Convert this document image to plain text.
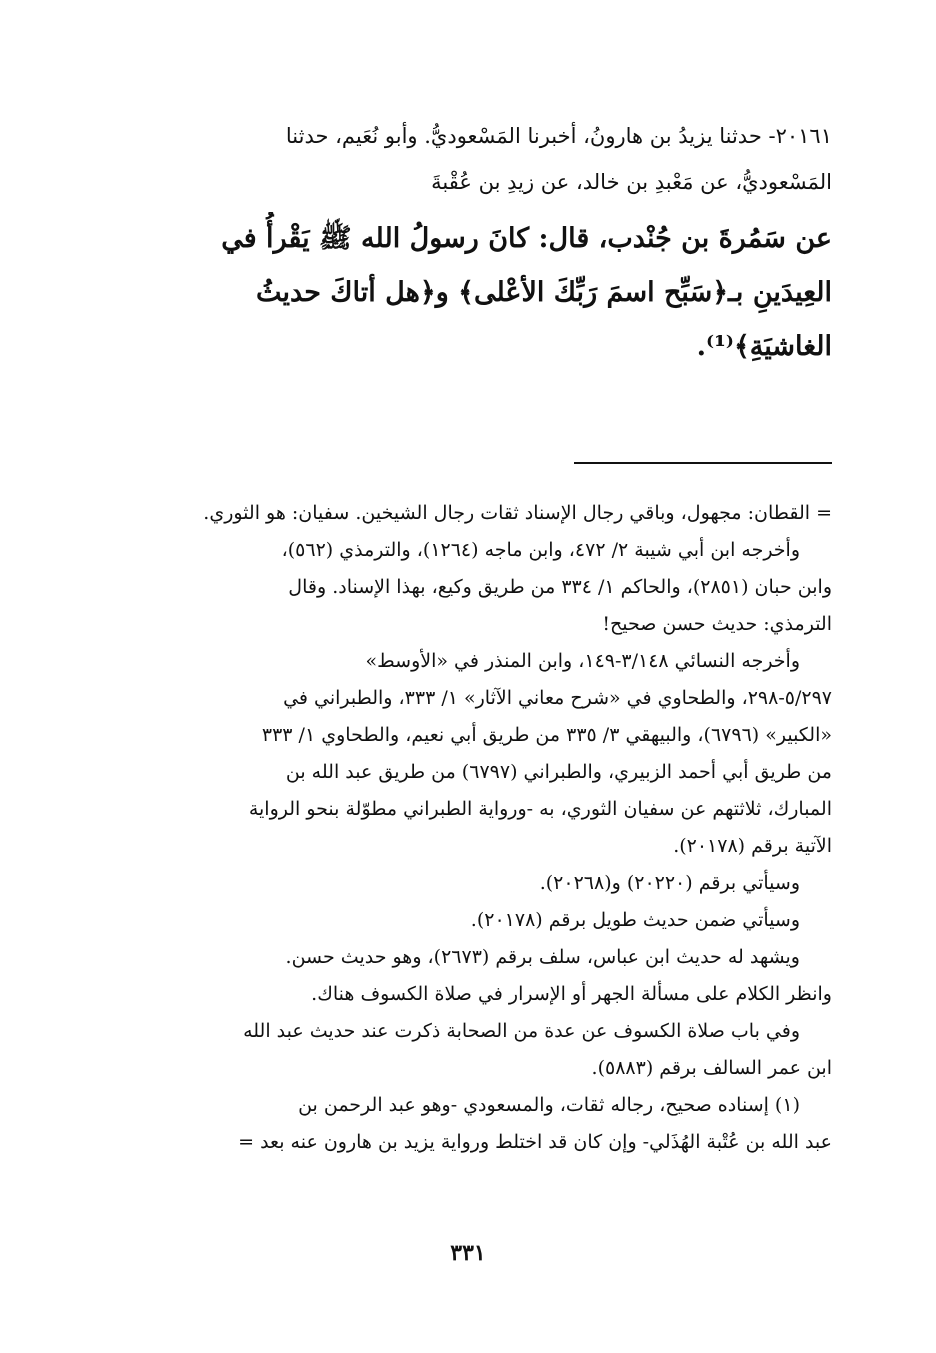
٢٠١٦١- حدثنا يزيدُ بن هارونُ، أخبرنا المَسْعوديُّ. وأبو نُعَيم، حدثنا
المَسْعوديُّ، عن مَعْبدِ بن خالد، عن زيدِ بن عُقْبةَ
عن سَمُرةَ بن جُنْدب، قال: كانَ رسولُ الله ﷺ يَقْرأُ في
العِيدَينِ بـ﴿سَبِّح اسمَ رَبِّكَ الأعْلى﴾ و﴿هل أتاكَ حديثُ
الغاشيَةِ﴾⁽¹⁾.
= القطان: مجهول، وباقي رجال الإسناد ثقات رجال الشيخين. سفيان: هو الثوري.
وأخرجه ابن أبي شيبة ٢/ ٤٧٢، وابن ماجه (١٢٦٤)، والترمذي (٥٦٢)،
وابن حبان (٢٨٥١)، والحاكم ١/ ٣٣٤ من طريق وكيع، بهذا الإسناد. وقال
الترمذي: حديث حسن صحيح!
وأخرجه النسائي ٣/١٤٨-١٤٩، وابن المنذر في «الأوسط»
٥/٢٩٧-٢٩٨، والطحاوي في «شرح معاني الآثار» ١/ ٣٣٣، والطبراني في
«الكبير» (٦٧٩٦)، والبيهقي ٣/ ٣٣٥ من طريق أبي نعيم، والطحاوي ١/ ٣٣٣
من طريق أبي أحمد الزبيري، والطبراني (٦٧٩٧) من طريق عبد الله بن
المبارك، ثلاثتهم عن سفيان الثوري، به -ورواية الطبراني مطوّلة بنحو الرواية
الآتية برقم (٢٠١٧٨).
وسيأتي برقم (٢٠٢٢٠) و(٢٠٢٦٨).
وسيأتي ضمن حديث طويل برقم (٢٠١٧٨).
ويشهد له حديث ابن عباس، سلف برقم (٢٦٧٣)، وهو حديث حسن.
وانظر الكلام على مسألة الجهر أو الإسرار في صلاة الكسوف هناك.
وفي باب صلاة الكسوف عن عدة من الصحابة ذكرت عند حديث عبد الله
ابن عمر السالف برقم (٥٨٨٣).
(١) إسناده صحيح، رجاله ثقات، والمسعودي -وهو عبد الرحمن بن
عبد الله بن عُتْبة الهُذَلي- وإن كان قد اختلط ورواية يزيد بن هارون عنه بعد =
٣٣١
